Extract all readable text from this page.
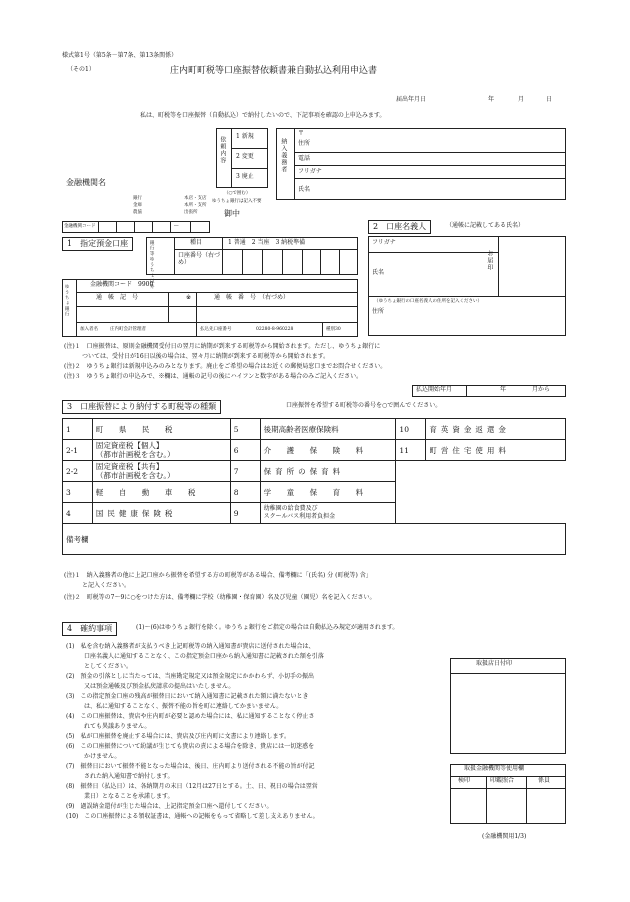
様式第1号（第5条－第7条、第13条関係）
（その1）	庄内町町税等口座振替依頼書兼自動払込利用申込書
届出年月日	年	月	日
私は、町税等を口座振替（自動払込）で納付したいので、下記事項を確認の上申込みます。
依頼内容 1 新規
2 変更
3 廃止
（○で囲む）
納入義務者
〒
住所
電話
フリガナ
氏名
金融機関名
銀行
金庫
農協
本店・支店
本所・支所
出張所
ゆうちょ銀行は記入不要
御中
金融機関コード	―
1　指定預金口座	銀行等ゆうちょ以外	種目	1 普通　2 当座　3 納税準備
口座番号（右づめ）
ゆうちょ銀行	金融機関コード　9900
通　帳　記　号	※	通　帳　番　号　（右づめ）
加入者名	庄内町会計管理者	払込先口座番号	02280-8-960228	種別30
2　口座名義人	（通帳に記載してある氏名）
フリガナ
氏名
お届印
（ゆうちょ銀行の口座名義人の住所を記入ください）
住所
(注)１　口座振替は、原則金融機関受付日の翌月に納期が到来する町税等から開始されます。ただし、ゆうちょ銀行に
　　　ついては、受付日が16日以後の場合は、翌々月に納期が到来する町税等から開始されます。
(注)２　ゆうちょ銀行は新規申込みのみとなります。廃止をご希望の場合はお近くの郵便局窓口までお問合せください。
(注)３　ゆうちょ銀行の申込みで、※欄は、通帳の記号の後にハイフンと数字がある場合のみご記入ください。
払込開始年月	年	月から
3　口座振替により納付する町税等の種類	口座振替を希望する町税等の番号を○で囲んでください。
1	町　県　民　税	5	後期高齢者医療保険料	10	育英資金返還金
2-1	固定資産税【個人】
（都市計画税を含む。）	6	介　護　保　険　料	11	町営住宅使用料
2-2	固定資産税【共有】
（都市計画税を含む。）	7	保育所の保育料		
3	軽　自　動　車　税	8	学　童　保　育　料		
4	国民健康保険税	9	幼稚園の給食費及び
スクールバス利用者負担金		

備考欄					
(注)１　納入義務者の他に上記口座から振替を希望する方の町税等がある場合、備考欄に「(氏名) 分 (町税等) 含」
　　　と記入ください。
(注)２　町税等の7～9に○をつけた方は、備考欄に学校（幼稚園・保育園）名及び児童（園児）名を記入ください。
4　確約事項	(1)～(6)はゆうちょ銀行を除く。ゆうちょ銀行をご指定の場合は自動払込み規定が適用されます。
(1)　私を含む納入義務者が支払うべき上記町税等の納入通知書が貴店に送付された場合は、
　　　口座名義人に通知することなく、この指定預金口座から納入通知書に記載された額を引落
　　　としてください。
(2)　預金の引落としに当たっては、当座勘定規定又は預金規定にかかわらず、小切手の振出
　　　又は預金通帳及び預金払戻請求の提出はいたしません。
(3)　この指定預金口座の残高が振替日において納入通知書に記載された額に満たないとき
　　　は、私に通知することなく、振替不能の旨を町に連絡してかまいません。
(4)　この口座振替は、貴店や庄内町が必要と認めた場合には、私に通知することなく停止さ
　　　れても異議ありません。
(5)　私が口座振替を廃止する場合には、貴店及び庄内町に文書により連絡します。
(6)　この口座振替について紛議が生じても貴店の責による場合を除き、貴店には一切迷惑を
　　　かけません。
(7)　振替日において振替不能となった場合は、後日、庄内町より送付される不能の旨が付記
　　　された納入通知書で納付します。
(8)　振替日（払込日）は、各納期月の末日（12月は27日とする。土、日、祝日の場合は翌営
　　　業日）となることを承諾します。
(9)　過誤納金還付が生じた場合は、上記指定預金口座へ還付してください。
(10)　この口座振替による領収証書は、通帳への記帳をもって省略して差し支えありません。
取扱店日付印
取扱金融機関等使用欄
検印	印鑑照合	係員
(金融機関用1/3)
